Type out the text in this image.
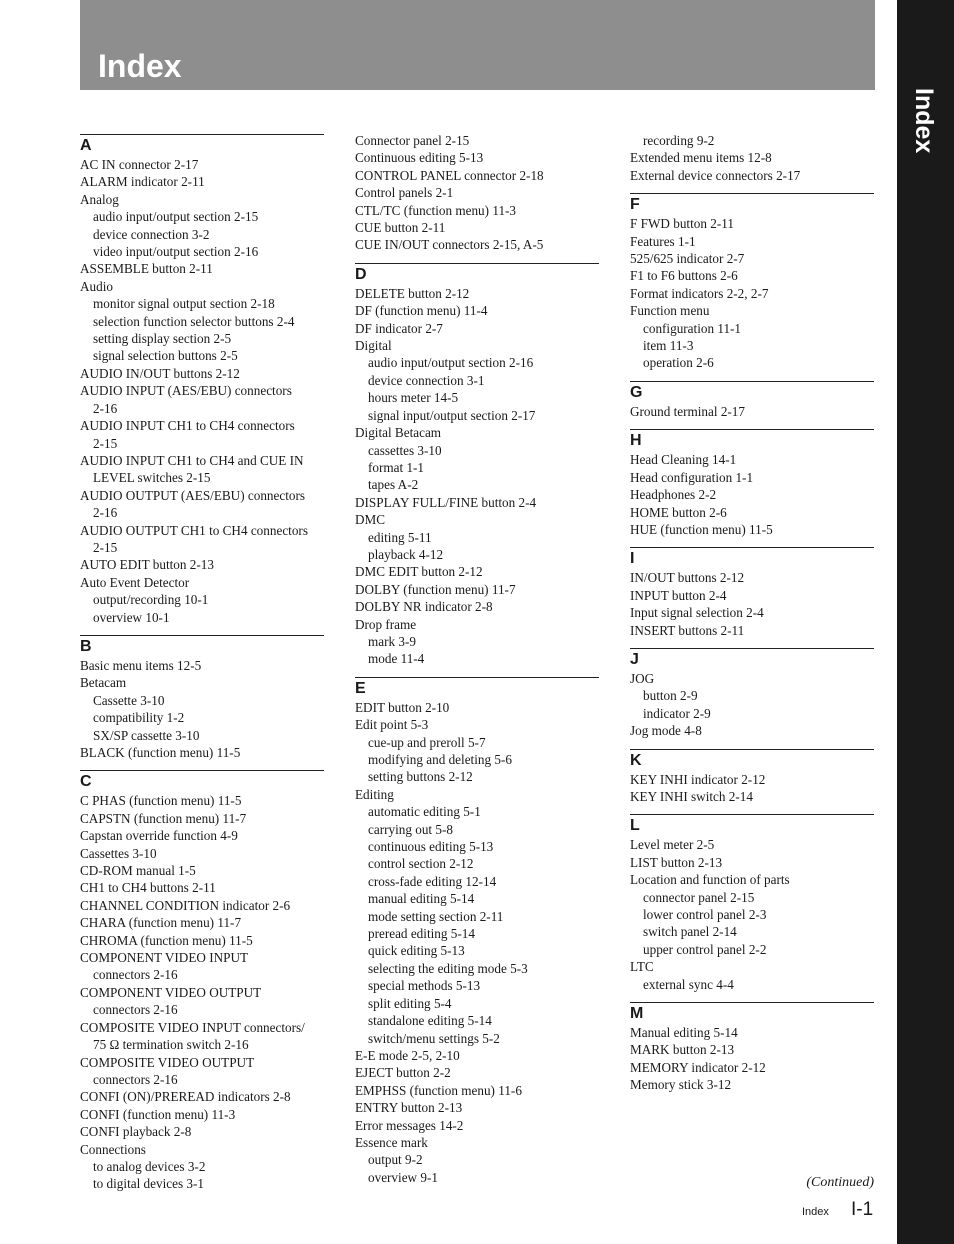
Index
Index
A
AC IN connector 2-17
ALARM indicator 2-11
Analog
audio input/output section 2-15
device connection 3-2
video input/output section 2-16
ASSEMBLE button 2-11
Audio
monitor signal output section 2-18
selection function selector buttons 2-4
setting display section 2-5
signal selection buttons 2-5
AUDIO IN/OUT buttons 2-12
AUDIO INPUT (AES/EBU) connectors
2-16
AUDIO INPUT CH1 to CH4 connectors
2-15
AUDIO INPUT CH1 to CH4 and CUE IN
LEVEL switches 2-15
AUDIO OUTPUT (AES/EBU) connectors
2-16
AUDIO OUTPUT CH1 to CH4 connectors
2-15
AUTO EDIT button 2-13
Auto Event Detector
output/recording 10-1
overview 10-1
B
Basic menu items 12-5
Betacam
Cassette 3-10
compatibility 1-2
SX/SP cassette 3-10
BLACK (function menu) 11-5
C
C PHAS (function menu) 11-5
CAPSTN (function menu) 11-7
Capstan override function 4-9
Cassettes 3-10
CD-ROM manual 1-5
CH1 to CH4 buttons 2-11
CHANNEL CONDITION indicator 2-6
CHARA (function menu) 11-7
CHROMA (function menu) 11-5
COMPONENT VIDEO INPUT
connectors 2-16
COMPONENT VIDEO OUTPUT
connectors 2-16
COMPOSITE VIDEO INPUT connectors/
75 Ω termination switch 2-16
COMPOSITE VIDEO OUTPUT
connectors 2-16
CONFI (ON)/PREREAD indicators 2-8
CONFI (function menu) 11-3
CONFI playback 2-8
Connections
to analog devices 3-2
to digital devices 3-1
Connector panel 2-15
Continuous editing 5-13
CONTROL PANEL connector 2-18
Control panels 2-1
CTL/TC (function menu) 11-3
CUE button 2-11
CUE IN/OUT connectors 2-15, A-5
D
DELETE button 2-12
DF (function menu) 11-4
DF indicator 2-7
Digital
audio input/output section 2-16
device connection 3-1
hours meter 14-5
signal input/output section 2-17
Digital Betacam
cassettes 3-10
format 1-1
tapes A-2
DISPLAY FULL/FINE button 2-4
DMC
editing 5-11
playback 4-12
DMC EDIT button 2-12
DOLBY (function menu) 11-7
DOLBY NR indicator 2-8
Drop frame
mark 3-9
mode 11-4
E
EDIT button 2-10
Edit point 5-3
cue-up and preroll 5-7
modifying and deleting 5-6
setting buttons 2-12
Editing
automatic editing 5-1
carrying out 5-8
continuous editing 5-13
control section 2-12
cross-fade editing 12-14
manual editing 5-14
mode setting section 2-11
preread editing 5-14
quick editing 5-13
selecting the editing mode 5-3
special methods 5-13
split editing 5-4
standalone editing 5-14
switch/menu settings 5-2
E-E mode 2-5, 2-10
EJECT button 2-2
EMPHSS (function menu) 11-6
ENTRY button 2-13
Error messages 14-2
Essence mark
output 9-2
overview 9-1
recording 9-2
Extended menu items 12-8
External device connectors 2-17
F
F FWD button 2-11
Features 1-1
525/625 indicator 2-7
F1 to F6 buttons 2-6
Format indicators 2-2, 2-7
Function menu
configuration 11-1
item 11-3
operation 2-6
G
Ground terminal 2-17
H
Head Cleaning 14-1
Head configuration 1-1
Headphones 2-2
HOME button 2-6
HUE (function menu) 11-5
I
IN/OUT buttons 2-12
INPUT button 2-4
Input signal selection 2-4
INSERT buttons 2-11
J
JOG
button 2-9
indicator 2-9
Jog mode 4-8
K
KEY INHI indicator 2-12
KEY INHI switch 2-14
L
Level meter 2-5
LIST button 2-13
Location and function of parts
connector panel 2-15
lower control panel 2-3
switch panel 2-14
upper control panel 2-2
LTC
external sync 4-4
M
Manual editing 5-14
MARK button 2-13
MEMORY indicator 2-12
Memory stick 3-12
(Continued)
Index I-1
